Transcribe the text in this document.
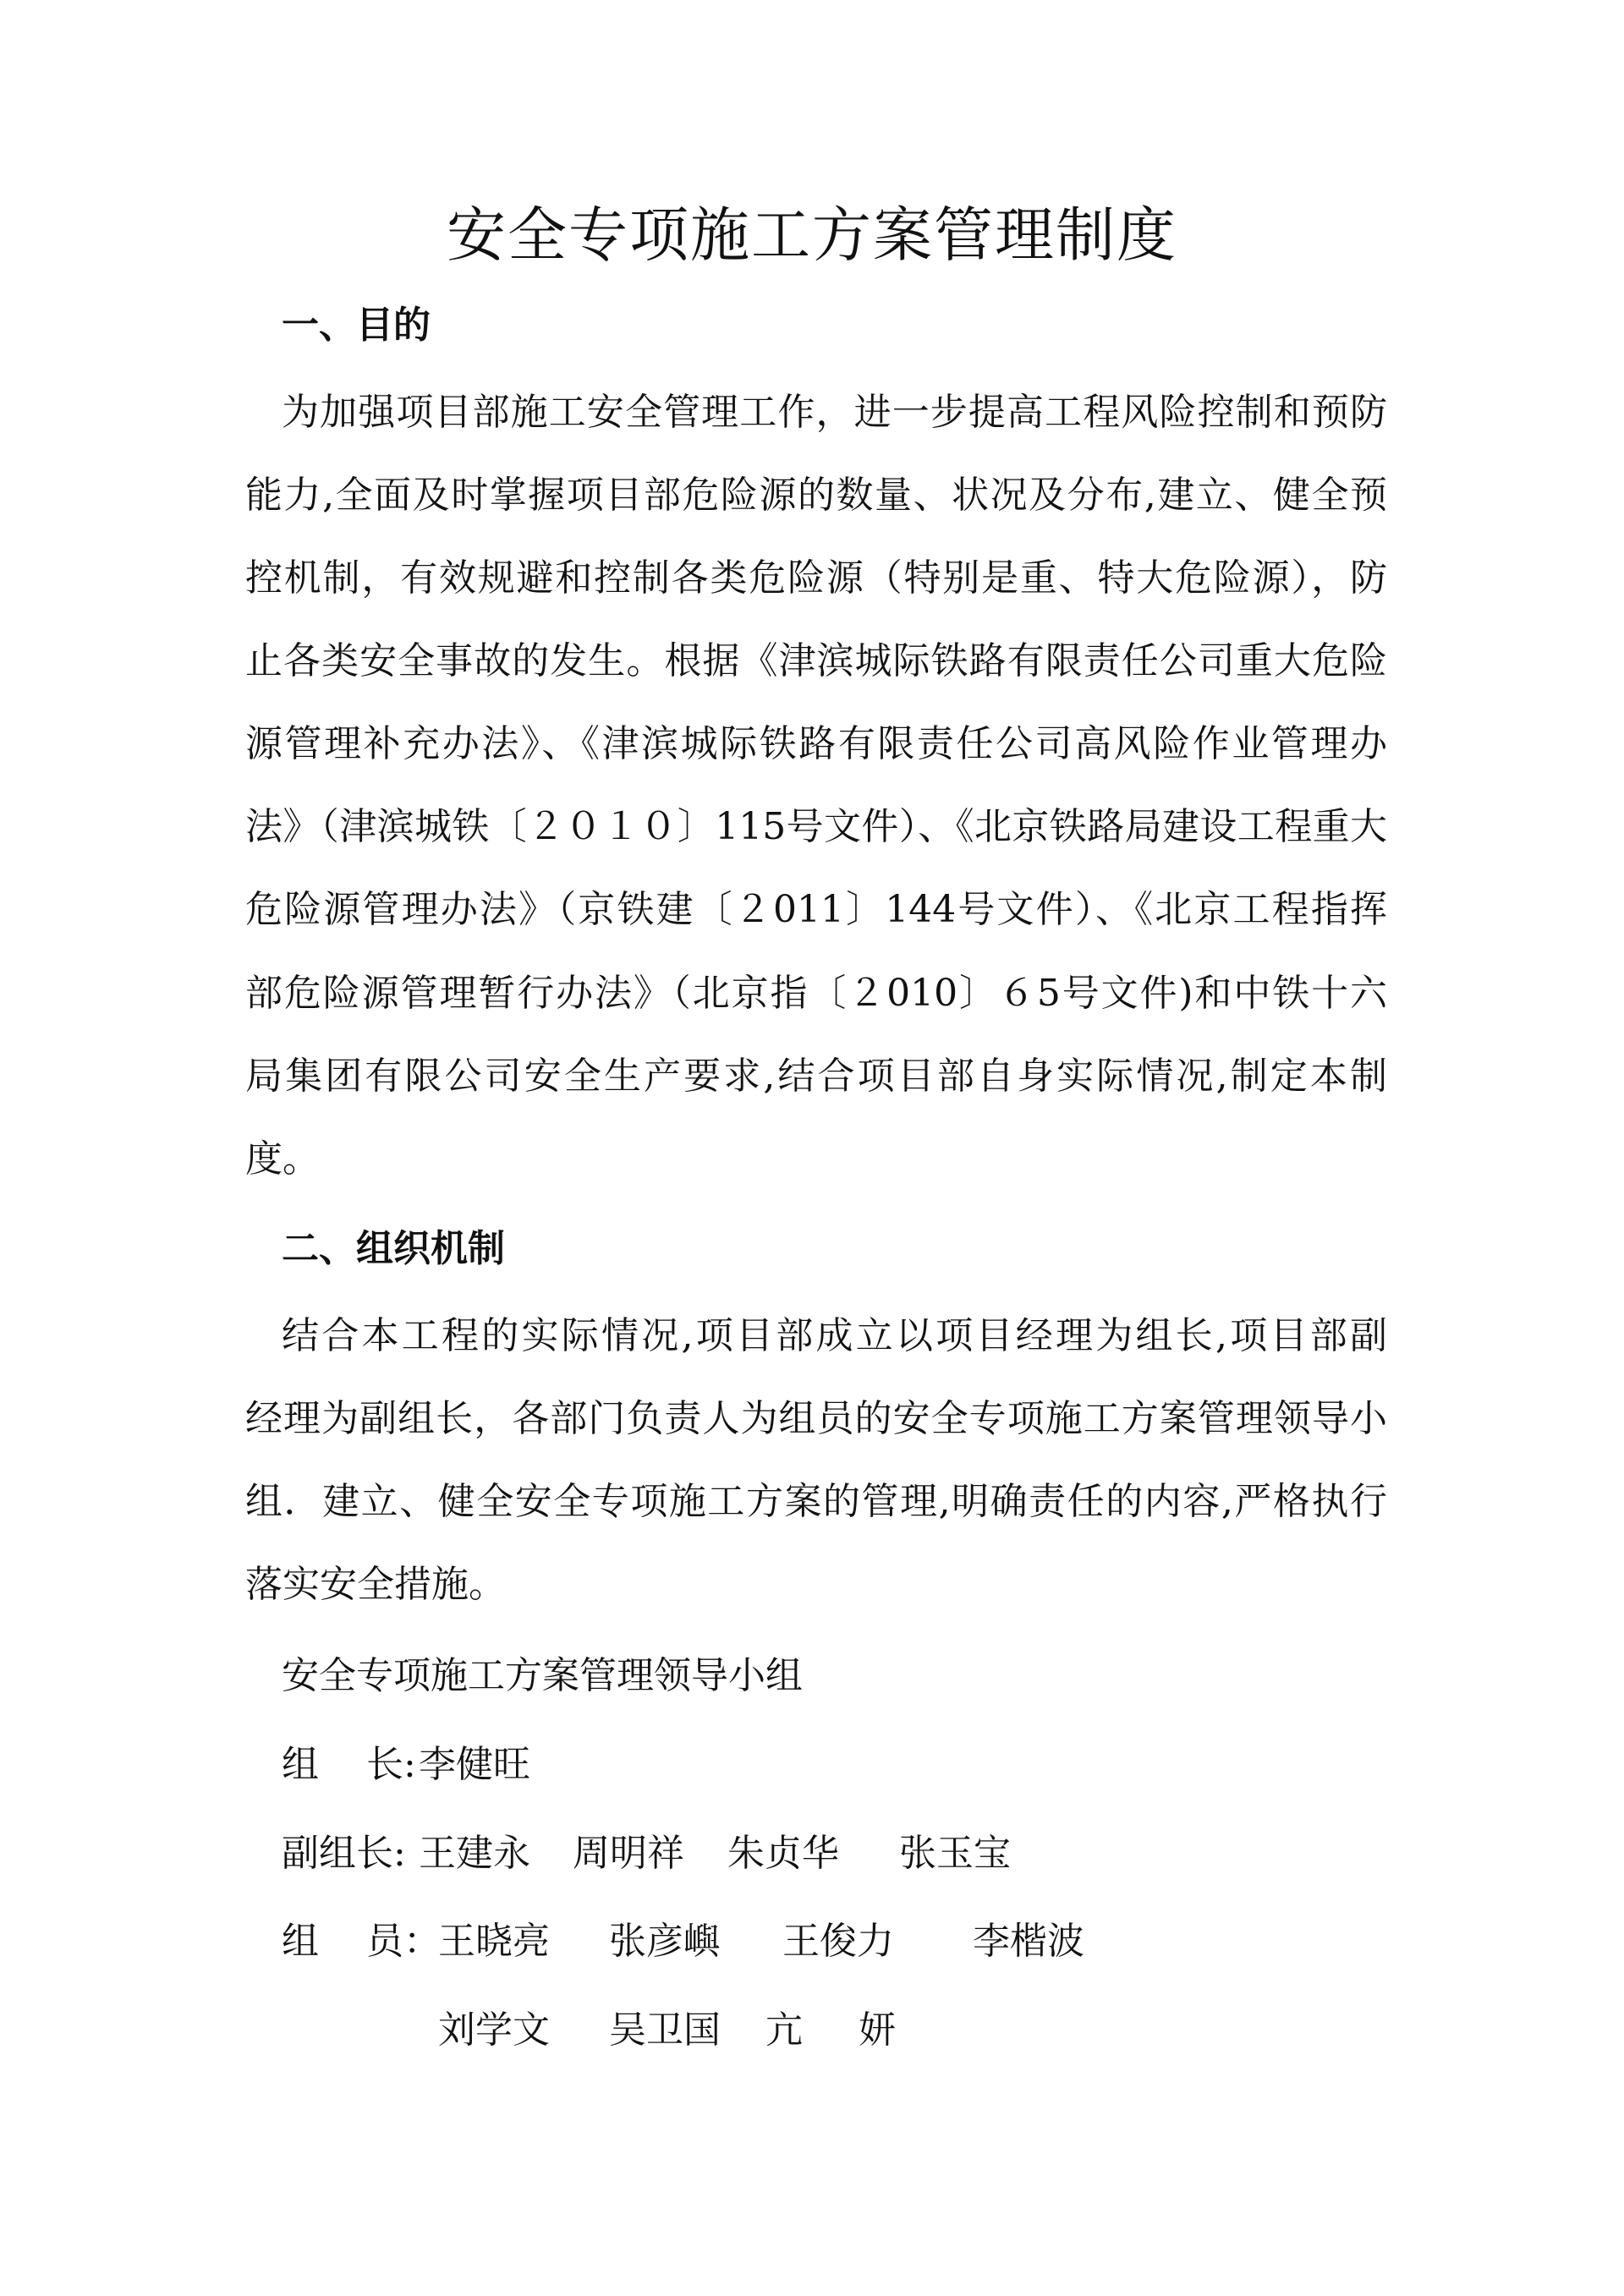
安全专项施工方案管理制度
一、目的
为加强项目部施工安全管理工作，进一步提高工程风险控制和预防
能力,全面及时掌握项目部危险源的数量、状况及分布,建立、健全预
控机制，有效规避和控制各类危险源（特别是重、特大危险源），防
止各类安全事故的发生。根据《津滨城际铁路有限责任公司重大危险
源管理补充办法》、《津滨城际铁路有限责任公司高风险作业管理办
法》（津滨城铁〔２０１０〕115号文件）、《北京铁路局建设工程重大
危险源管理办法》（京铁建〔２011〕144号文件）、《北京工程指挥
部危险源管理暂行办法》（北京指〔２010〕６5号文件)和中铁十六
局集团有限公司安全生产要求,结合项目部自身实际情况,制定本制
度。
二、组织机制
结合本工程的实际情况,项目部成立以项目经理为组长,项目部副
经理为副组长，各部门负责人为组员的安全专项施工方案管理领导小
组．建立、健全安全专项施工方案的管理,明确责任的内容,严格执行
落实安全措施。
安全专项施工方案管理领导小组
组    长: 李健旺
副组长: 王建永 周明祥 朱贞华 张玉宝
组    员：
王晓亮 张彦嶼 王俊力 李楷波
刘学文 吴卫国 亢 妍
